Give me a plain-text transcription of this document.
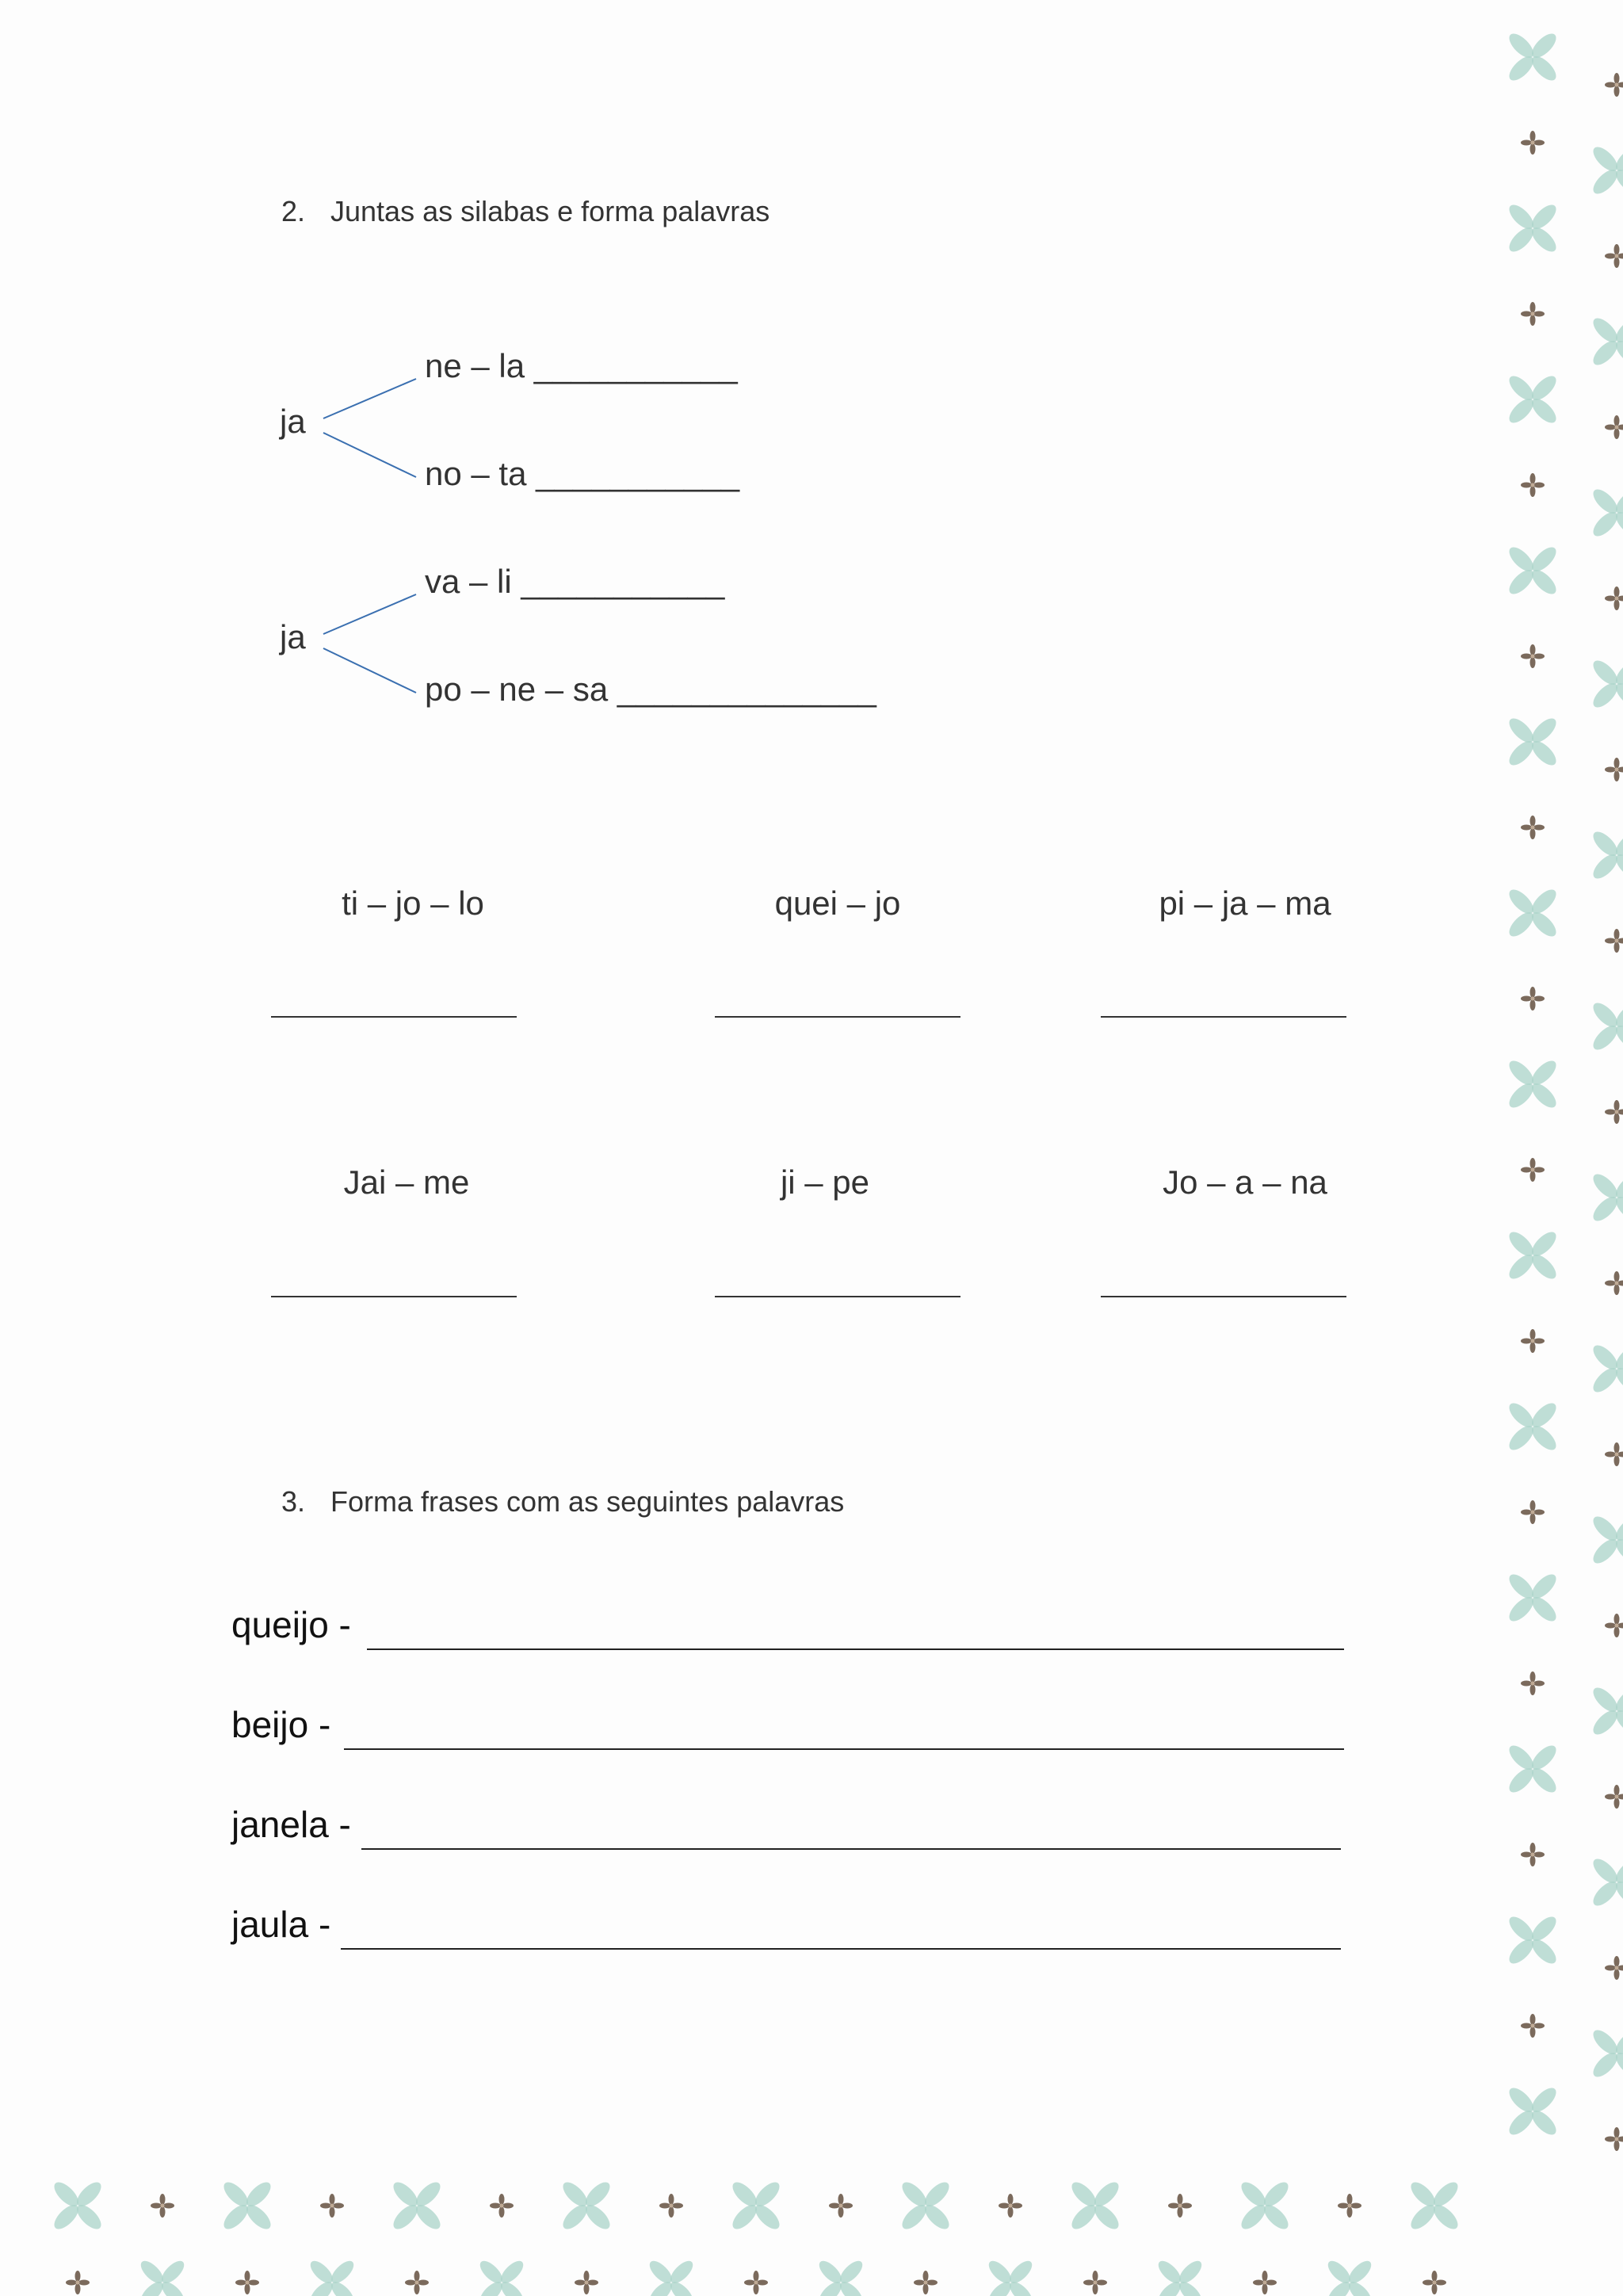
2. Juntas as silabas e forma palavras
ja
ne – la ___________
no – ta ___________
ja
va – li ___________
po – ne – sa ______________
ti – jo – lo	quei – jo	pi – ja – ma
Jai – me	ji – pe	Jo – a – na
3. Forma frases com as seguintes palavras
queijo -
beijo -
janela -
jaula -
